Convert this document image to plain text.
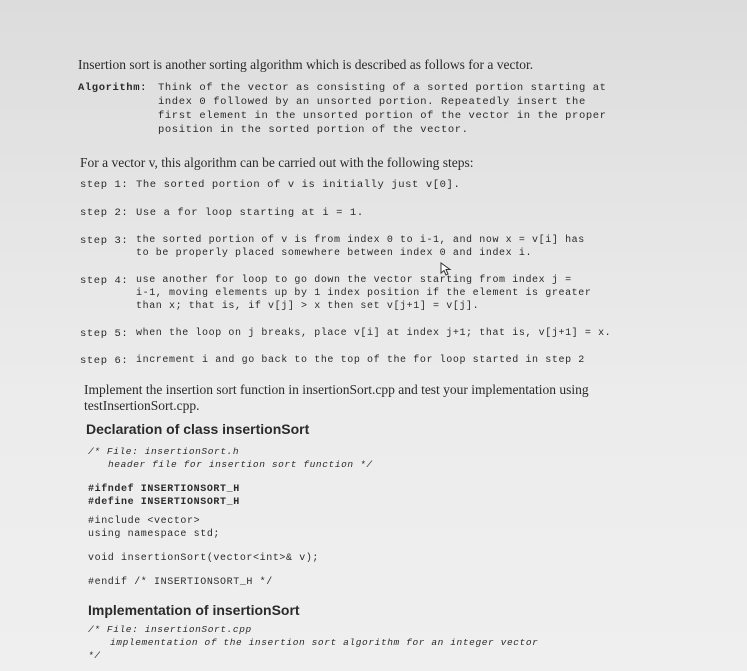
Insertion sort is another sorting algorithm which is described as follows for a vector.
Algorithm: Think of the vector as consisting of a sorted portion starting at
index 0 followed by an unsorted portion. Repeatedly insert the
first element in the unsorted portion of the vector in the proper
position in the sorted portion of the vector.
For a vector v, this algorithm can be carried out with the following steps:
step 1: The sorted portion of v is initially just v[0].
step 2: Use a for loop starting at i = 1.
step 3: the sorted portion of v is from index 0 to i-1, and now x = v[i] has
to be properly placed somewhere between index 0 and index i.
step 4: use another for loop to go down the vector starting from index j =
i-1, moving elements up by 1 index position if the element is greater
than x; that is, if v[j] > x then set v[j+1] = v[j].
step 5: when the loop on j breaks, place v[i] at index j+1; that is, v[j+1] = x.
step 6: increment i and go back to the top of the for loop started in step 2
Implement the insertion sort function in insertionSort.cpp and test your implementation using
testInsertionSort.cpp.
Declaration of class insertionSort
/* File: insertionSort.h
header file for insertion sort function */
#ifndef INSERTIONSORT_H
#define INSERTIONSORT_H
#include <vector>
using namespace std;
void insertionSort(vector<int>& v);
#endif /* INSERTIONSORT_H */
Implementation of insertionSort
/* File: insertionSort.cpp
implementation of the insertion sort algorithm for an integer vector
*/
